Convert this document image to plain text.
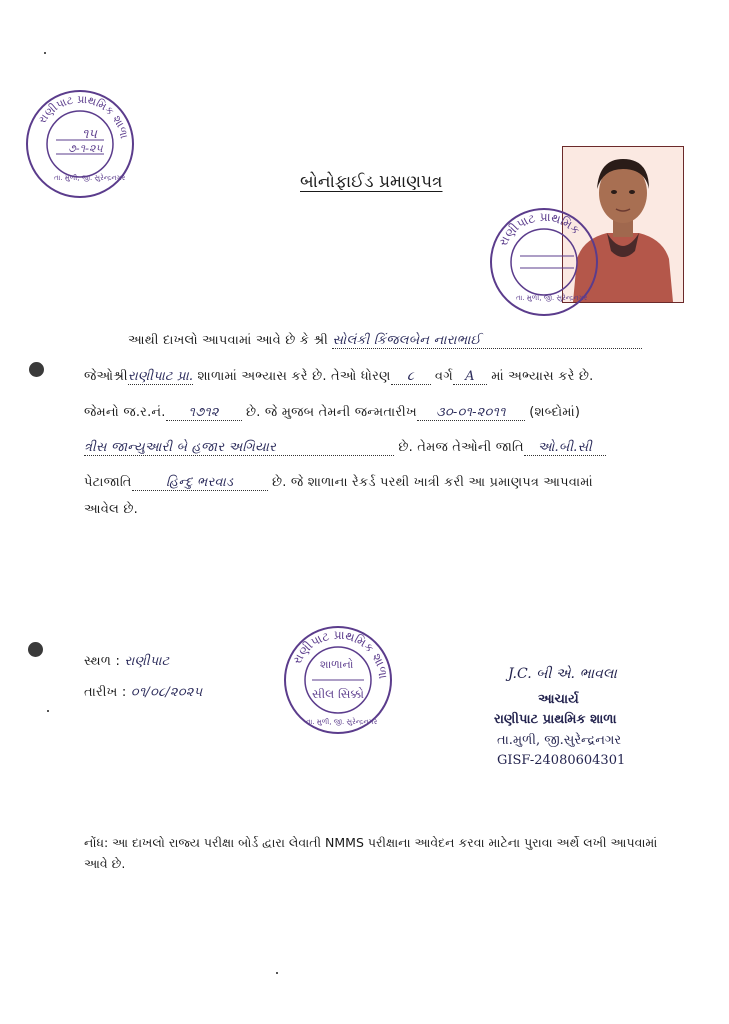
રાણીપાટ પ્રાથમિક શાળા
૧૫
૭-૧-૨૫
તા. મુળી, જી. સુરેન્દ્રનગર	બોનોફાઈડ પ્રમાણપત્ર
રાણીપાટ પ્રાથમિક
તા. મુળી, જી. સુરેન્દ્રનગર
આથી દાખલો આપવામાં આવે છે કે શ્રી સોલંકી કિંજલબેન નારાભાઈ
જેઓશ્રીરાણીપાટ પ્રા. શાળામાં અભ્યાસ કરે છે. તેઓ ધોરણ ૮ વર્ગ A માં અભ્યાસ કરે છે.
જેમનો જ.ર.નં. ૧૭૧૨ છે. જે મુજબ તેમની જન્મતારીખ ૩૦-૦૧-૨૦૧૧ (શબ્દોમાં)
ત્રીસ જાન્યુઆરી બે હજાર અગિયાર	છે. તેમજ તેઓની જાતિ ઓ.બી.સી
પેટાજાતિ	હિન્દુ ભરવાડ	છે. જે શાળાના રેકર્ડ પરથી ખાત્રી કરી આ પ્રમાણપત્ર આપવામાં
આવેલ છે.
સ્થળ : રાણીપાટ
તારીખ : ૦૧/૦૮/૨૦૨૫
રાણીપાટ પ્રાથમિક શાળા
શાળાનો
સીલ સિક્કો
તા. મુળી, જી. સુરેન્દ્રનગર
J.C. બી એ. ભાવલા
આચાર્ય
રાણીપાટ પ્રાથમિક શાળા
તા.મુળી, જી.સુરેન્દ્રનગર
GISF-24080604301
નોંધ: આ દાખલો રાજ્ય પરીક્ષા બોર્ડ દ્વારા લેવાતી NMMS પરીક્ષાના આવેદન કરવા માટેના પુરાવા અર્થે લખી આપવામાં આવે છે.
